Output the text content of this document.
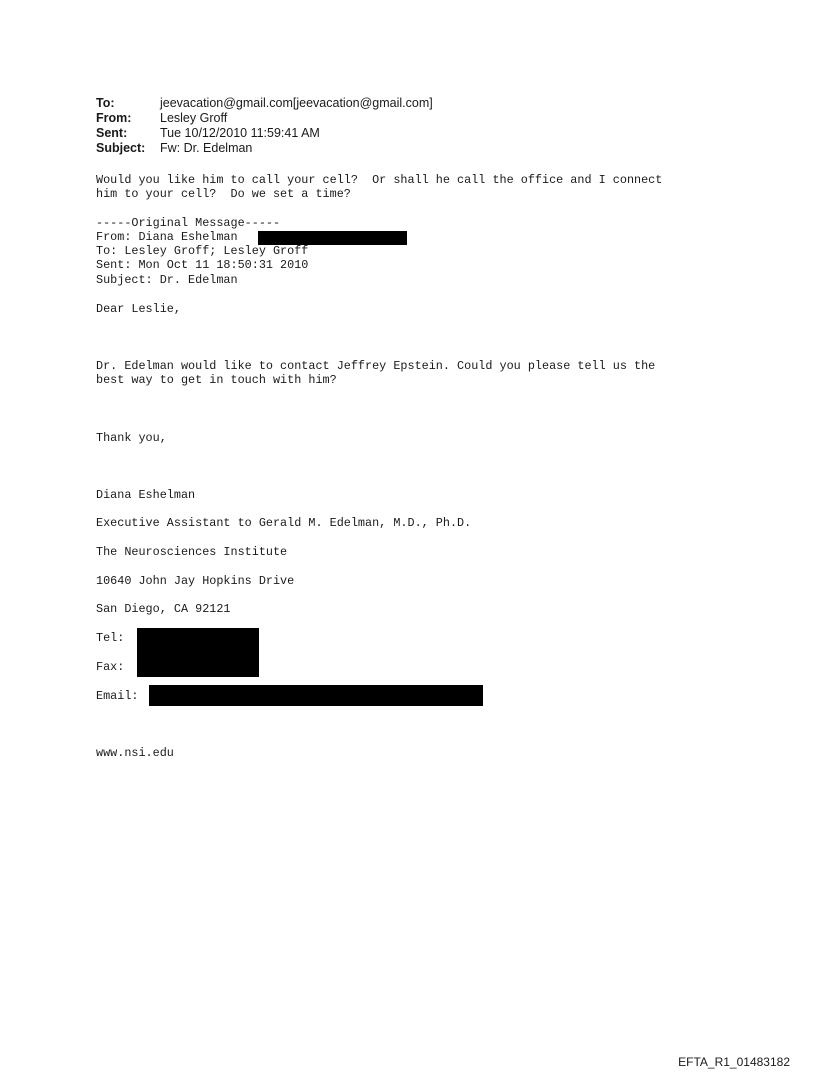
To:	jeevacation@gmail.com[jeevacation@gmail.com]
From:	Lesley Groff
Sent:	Tue 10/12/2010 11:59:41 AM
Subject:	Fw: Dr. Edelman
Would you like him to call your cell?  Or shall he call the office and I connect
him to your cell?  Do we set a time?
-----Original Message-----
From: Diana Eshelman
To: Lesley Groff; Lesley Groff
Sent: Mon Oct 11 18:50:31 2010
Subject: Dr. Edelman
Dear Leslie,
Dr. Edelman would like to contact Jeffrey Epstein. Could you please tell us the
best way to get in touch with him?
Thank you,
Diana Eshelman
Executive Assistant to Gerald M. Edelman, M.D., Ph.D.
The Neurosciences Institute
10640 John Jay Hopkins Drive
San Diego, CA 92121
Tel:
Fax:
Email:
www.nsi.edu
EFTA_R1_01483182
